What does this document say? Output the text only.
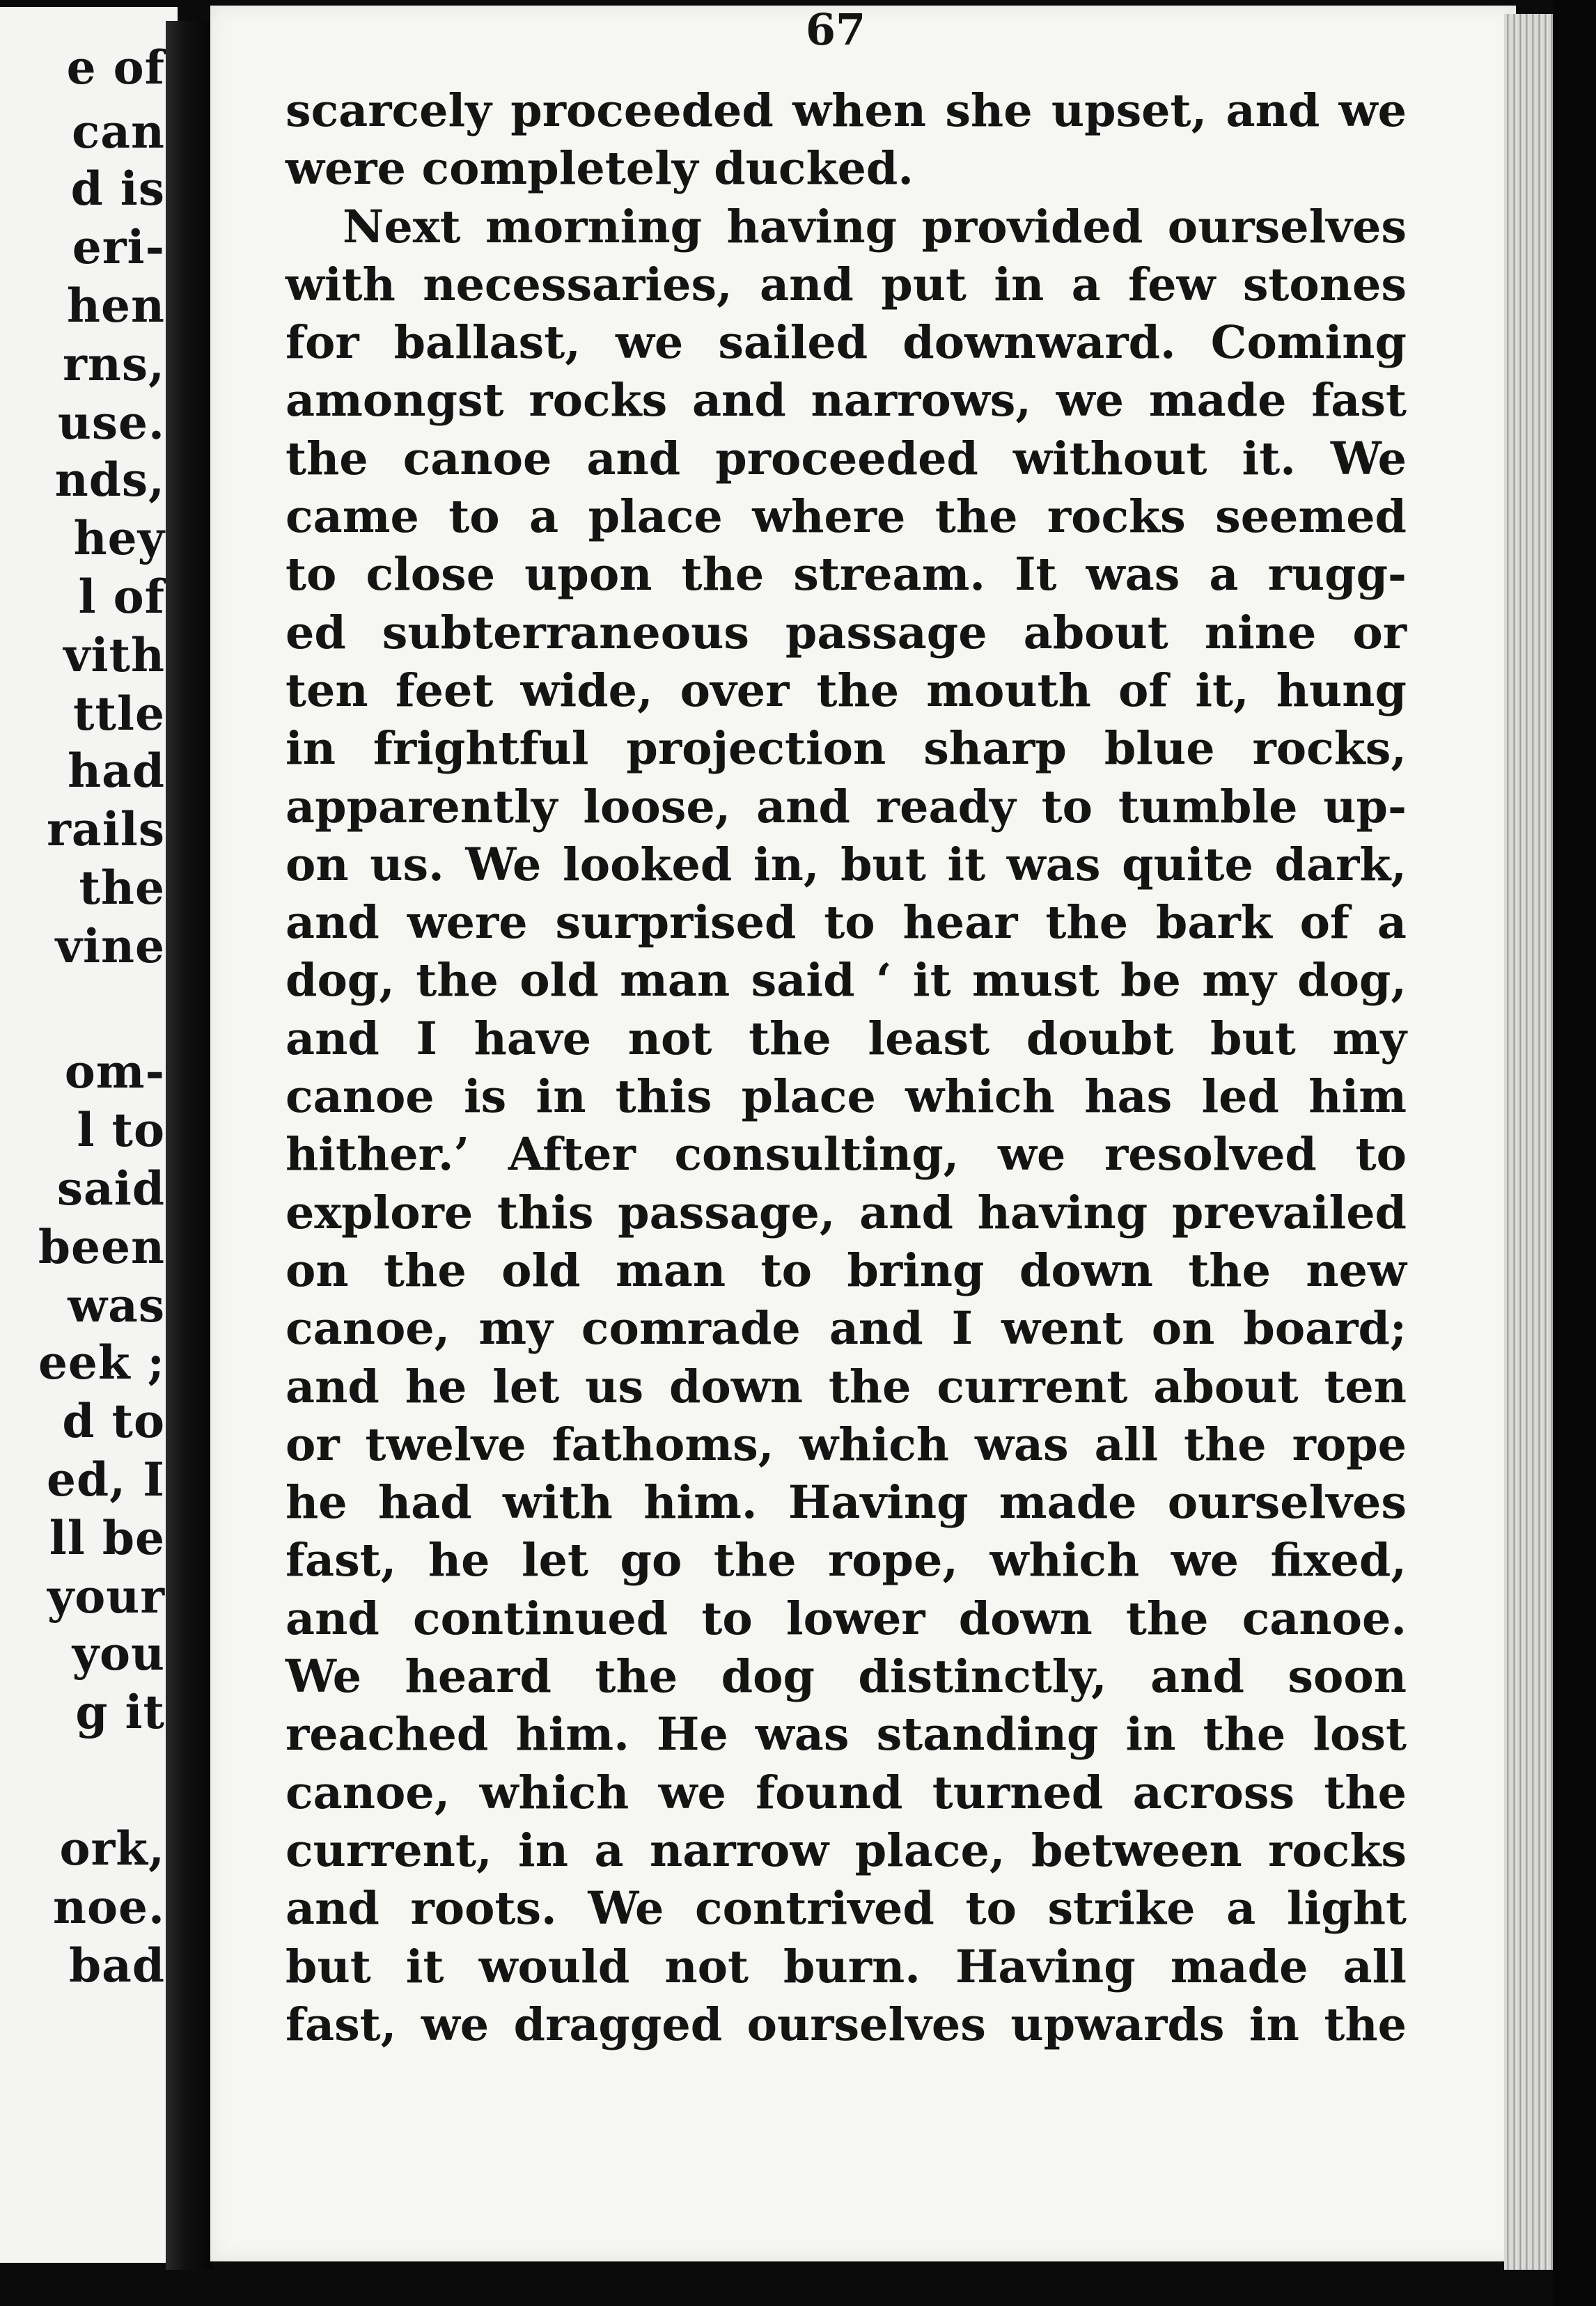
e of
can
d is
eri-
hen
rns,
use.
nds,
hey
l of
vith
ttle
had
rails
the
vine
om-
l to
said
been
was
eek ;
d to
ed, I
ll be
your
you
g it
ork,
noe.
bad
67
scarcely proceeded when she upset, and we
were completely ducked.
Next morning having provided ourselves
with necessaries, and put in a few stones
for ballast, we sailed downward. Coming
amongst rocks and narrows, we made fast
the canoe and proceeded without it. We
came to a place where the rocks seemed
to close upon the stream. It was a rugg-
ed subterraneous passage about nine or
ten feet wide, over the mouth of it, hung
in frightful projection sharp blue rocks,
apparently loose, and ready to tumble up-
on us. We looked in, but it was quite dark,
and were surprised to hear the bark of a
dog, the old man said ‘ it must be my dog,
and I have not the least doubt but my
canoe is in this place which has led him
hither.’ After consulting, we resolved to
explore this passage, and having prevailed
on the old man to bring down the new
canoe, my comrade and I went on board;
and he let us down the current about ten
or twelve fathoms, which was all the rope
he had with him. Having made ourselves
fast, he let go the rope, which we fixed,
and continued to lower down the canoe.
We heard the dog distinctly, and soon
reached him. He was standing in the lost
canoe, which we found turned across the
current, in a narrow place, between rocks
and roots. We contrived to strike a light
but it would not burn. Having made all
fast, we dragged ourselves upwards in the
